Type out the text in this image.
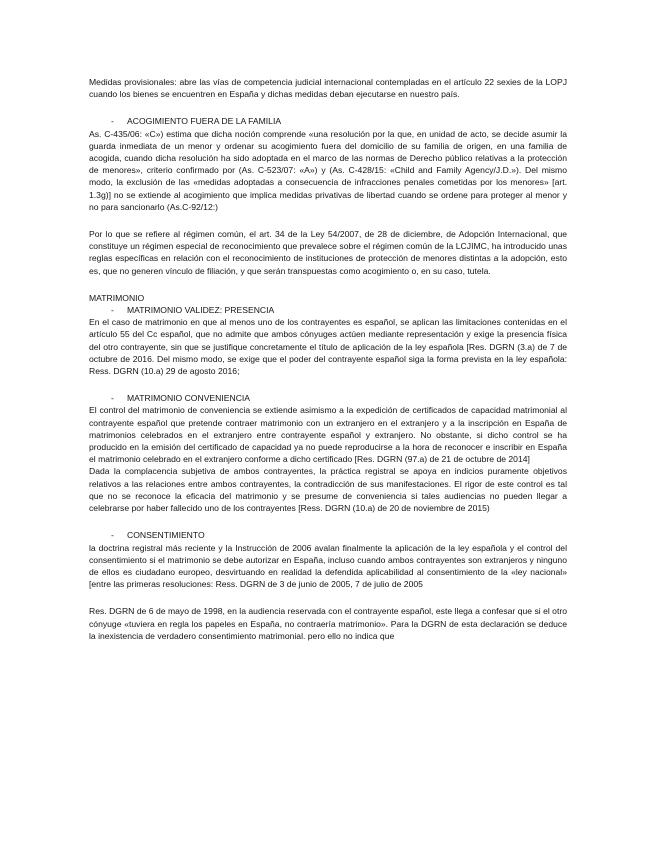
Medidas provisionales: abre las vías de competencia judicial internacional contempladas en el artículo 22 sexies de la LOPJ cuando los bienes se encuentren en España y dichas medidas deban ejecutarse en nuestro país.

-	ACOGIMIENTO FUERA DE LA FAMILIA

As. C-435/06: «C») estima que dicha noción comprende «una resolución por la que, en unidad de acto, se decide asumir la guarda inmediata de un menor y ordenar su acogimiento fuera del domicilio de su familia de origen, en una familia de acogida, cuando dicha resolución ha sido adoptada en el marco de las normas de Derecho público relativas a la protección de menores», criterio confirmado por (As. C-523/07: «A») y (As. C-428/15: «Child and Family Agency/J.D.»). Del mismo modo, la exclusión de las «medidas adoptadas a consecuencia de infracciones penales cometidas por los menores» [art. 1.3g)] no se extiende al acogimiento que implica medidas privativas de libertad cuando se ordene para proteger al menor y no para sancionarlo (As.C-92/12:)

Por lo que se refiere al régimen común, el art. 34 de la Ley 54/2007, de 28 de diciembre, de Adopción Internacional, que constituye un régimen especial de reconocimiento que prevalece sobre el régimen común de la LCJIMC, ha introducido unas reglas específicas en relación con el reconocimiento de instituciones de protección de menores distintas a la adopción, esto es, que no generen vínculo de filiación, y que serán transpuestas como acogimiento o, en su caso, tutela.

MATRIMONIO

-	MATRIMONIO VALIDEZ: PRESENCIA

En el caso de matrimonio en que al menos uno de los contrayentes es español, se aplican las limitaciones contenidas en el artículo 55 del Cc español, que no admite que ambos cónyuges actúen mediante representación y exige la presencia física del otro contrayente, sin que se justifique concretamente el título de aplicación de la ley española [Res. DGRN (3.a) de 7 de octubre de 2016. Del mismo modo, se exige que el poder del contrayente español siga la forma prevista en la ley española: Ress. DGRN (10.a) 29 de agosto 2016;

-	MATRIMONIO CONVENIENCIA

El control del matrimonio de conveniencia se extiende asimismo a la expedición de certificados de capacidad matrimonial al contrayente español que pretende contraer matrimonio con un extranjero en el extranjero y a la inscripción en España de matrimonios celebrados en el extranjero entre contrayente español y extranjero. No obstante, si dicho control se ha producido en la emisión del certificado de capacidad ya no puede reproducirse a la hora de reconocer e inscribir en España el matrimonio celebrado en el extranjero conforme a dicho certificado [Res. DGRN (97.a) de 21 de octubre de 2014]

Dada la complacencia subjetiva de ambos contrayentes, la práctica registral se apoya en indicios puramente objetivos relativos a las relaciones entre ambos contrayentes, la contradicción de sus manifestaciones. El rigor de este control es tal que no se reconoce la eficacia del matrimonio y se presume de conveniencia si tales audiencias no pueden llegar a celebrarse por haber fallecido uno de los contrayentes [Ress. DGRN (10.a) de 20 de noviembre de 2015)

-	CONSENTIMIENTO

la doctrina registral más reciente y la Instrucción de 2006 avalan finalmente la aplicación de la ley española y el control del consentimiento si el matrimonio se debe autorizar en España, incluso cuando ambos contrayentes son extranjeros y ninguno de ellos es ciudadano europeo, desvirtuando en realidad la defendida aplicabilidad al consentimiento de la «ley nacional» [entre las primeras resoluciones: Ress. DGRN de 3 de junio de 2005, 7 de julio de 2005

Res. DGRN de 6 de mayo de 1998, en la audiencia reservada con el contrayente español, este llega a confesar que si el otro cónyuge «tuviera en regla los papeles en España, no contraería matrimonio». Para la DGRN de esta declaración se deduce la inexistencia de verdadero consentimiento matrimonial. pero ello no indica que
